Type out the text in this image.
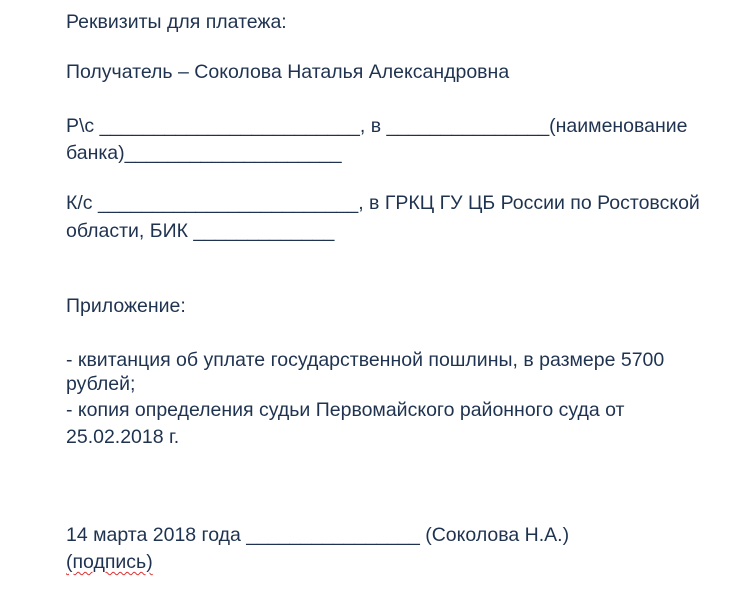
Реквизиты для платежа:
Получатель – Соколова Наталья Александровна
Р\с ________________________, в _______________(наименование
банка)____________________
К/с ________________________, в ГРКЦ ГУ ЦБ России по Ростовской
области, БИК _____________
Приложение:
- квитанция об уплате государственной пошлины, в размере 5700
рублей;
- копия определения судьи Первомайского районного суда от
25.02.2018 г.
14 марта 2018 года ________________ (Соколова Н.А.)
(подпись)
